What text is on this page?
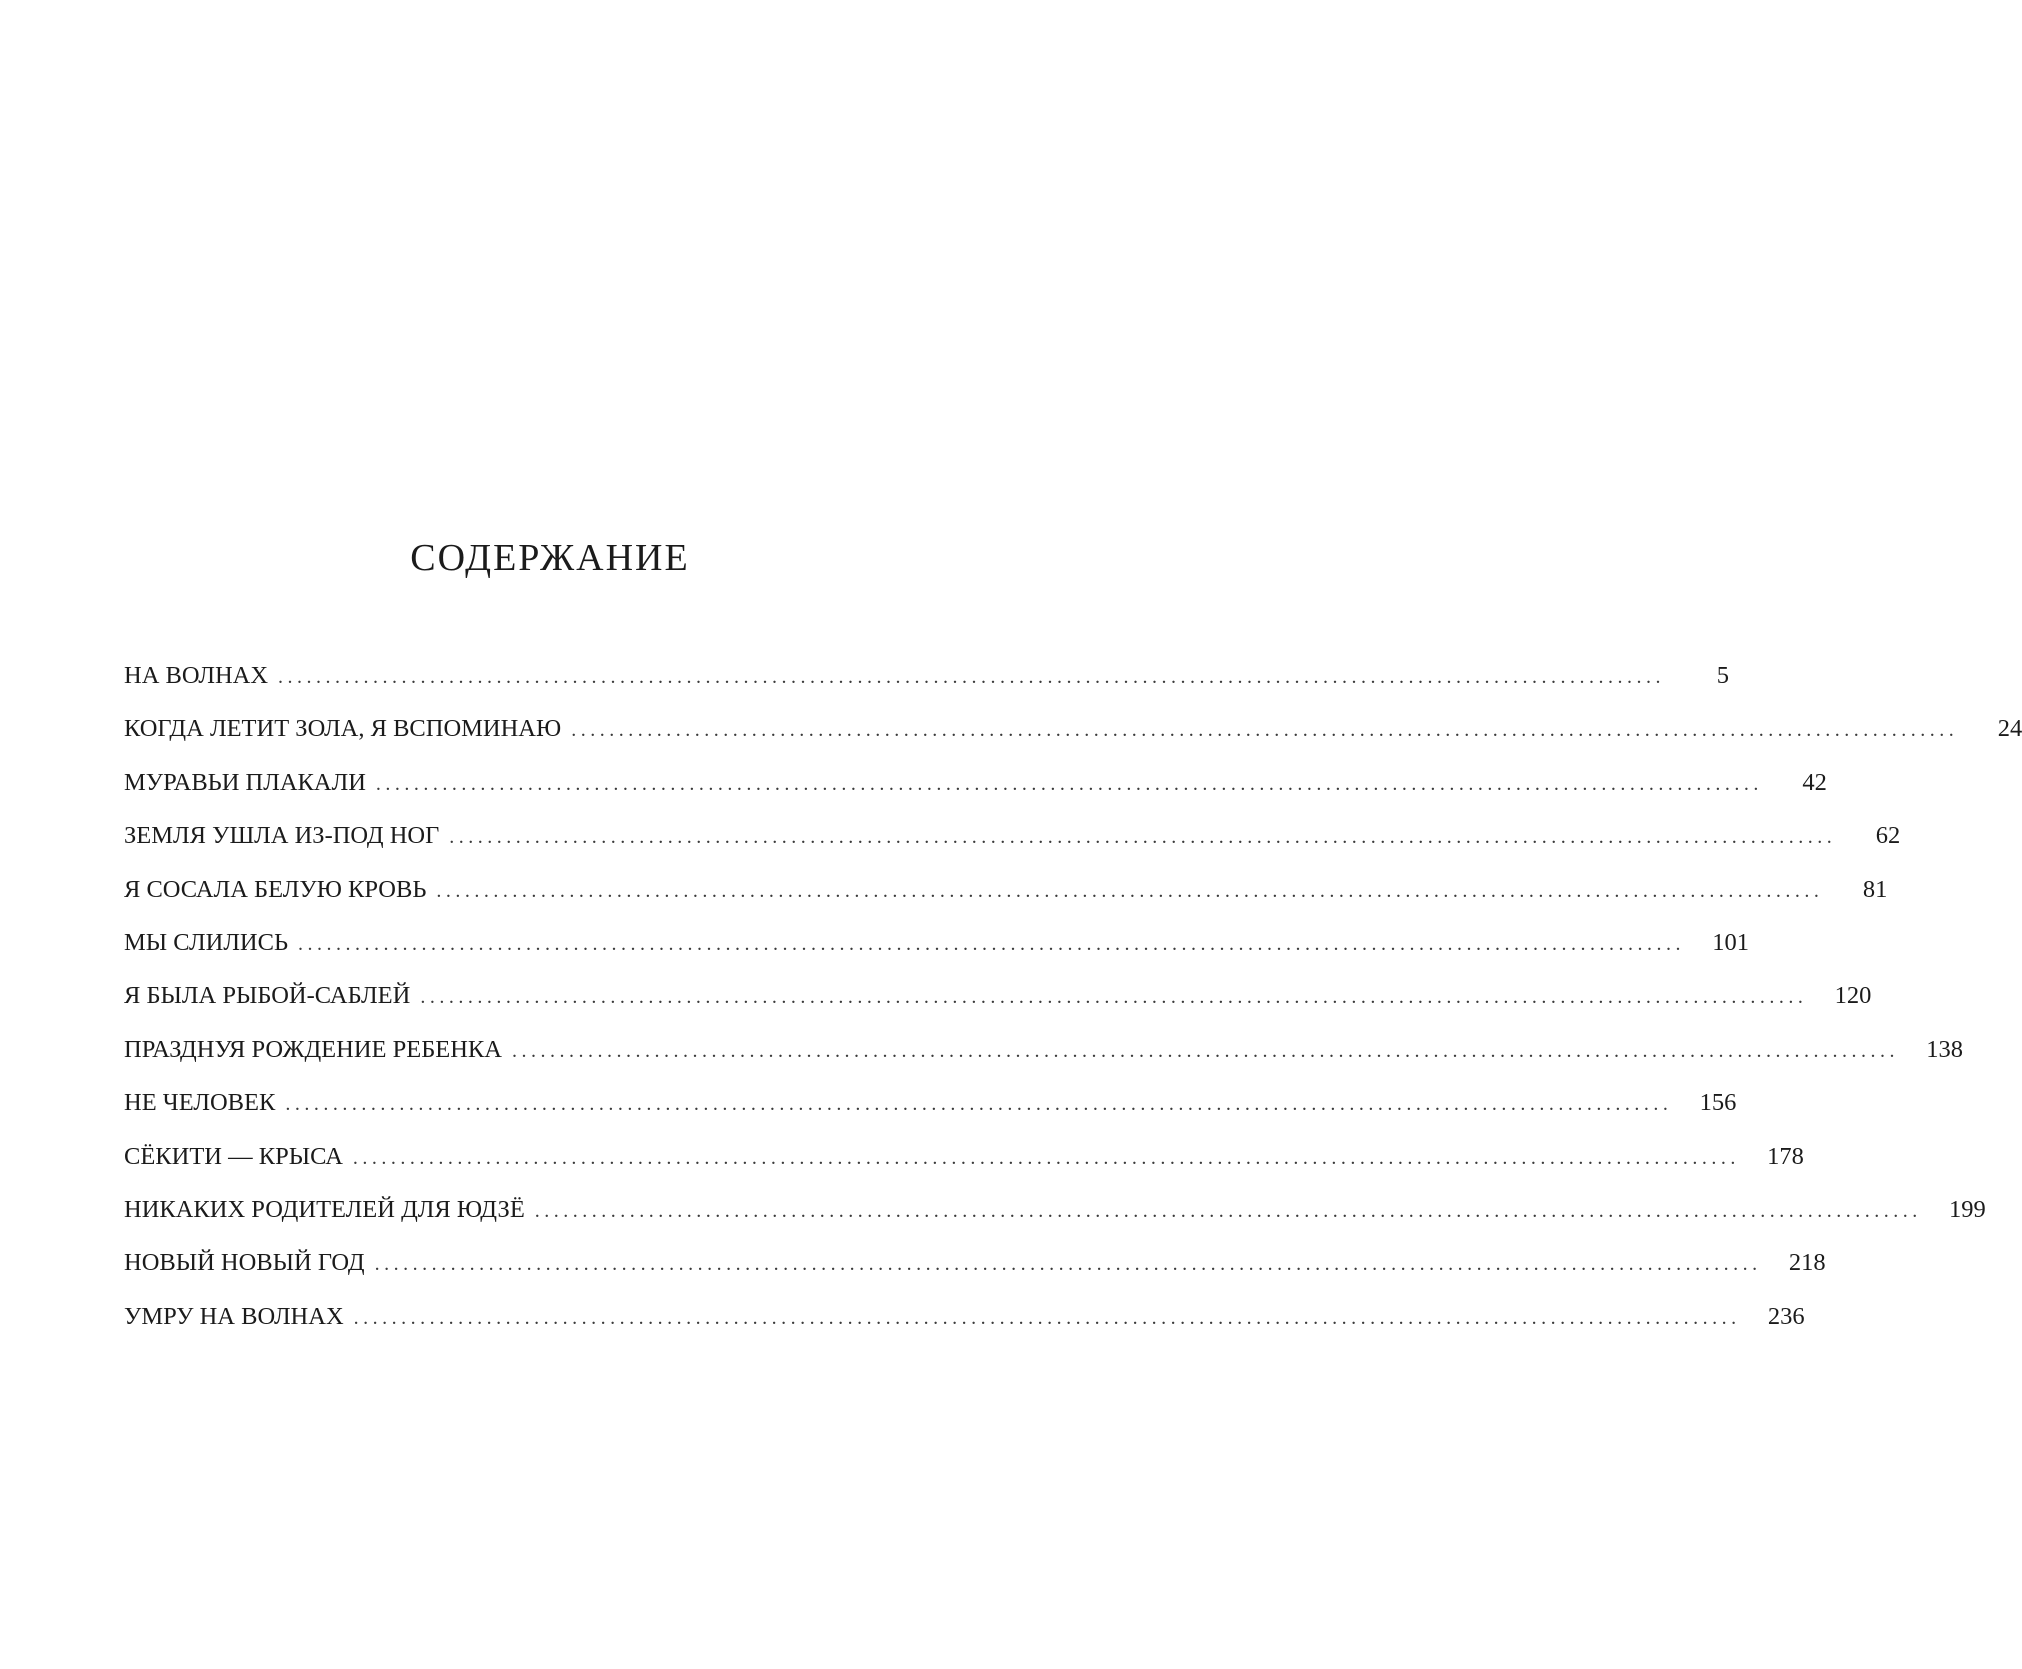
СОДЕРЖАНИЕ
НА ВОЛНАХ ..................................................................................................................................................	5
КОГДА ЛЕТИТ ЗОЛА, Я ВСПОМИНАЮ ..................................................................................................................................................	24
МУРАВЬИ ПЛАКАЛИ ..................................................................................................................................................	42
ЗЕМЛЯ УШЛА ИЗ-ПОД НОГ ..................................................................................................................................................	62
Я СОСАЛА БЕЛУЮ КРОВЬ ..................................................................................................................................................	81
МЫ СЛИЛИСЬ ..................................................................................................................................................	101
Я БЫЛА РЫБОЙ-САБЛЕЙ ..................................................................................................................................................	120
ПРАЗДНУЯ РОЖДЕНИЕ РЕБЕНКА ..................................................................................................................................................	138
НЕ ЧЕЛОВЕК ..................................................................................................................................................	156
СЁКИТИ — КРЫСА ..................................................................................................................................................	178
НИКАКИХ РОДИТЕЛЕЙ ДЛЯ ЮДЗЁ ..................................................................................................................................................	199
НОВЫЙ НОВЫЙ ГОД ..................................................................................................................................................	218
УМРУ НА ВОЛНАХ ..................................................................................................................................................	236
